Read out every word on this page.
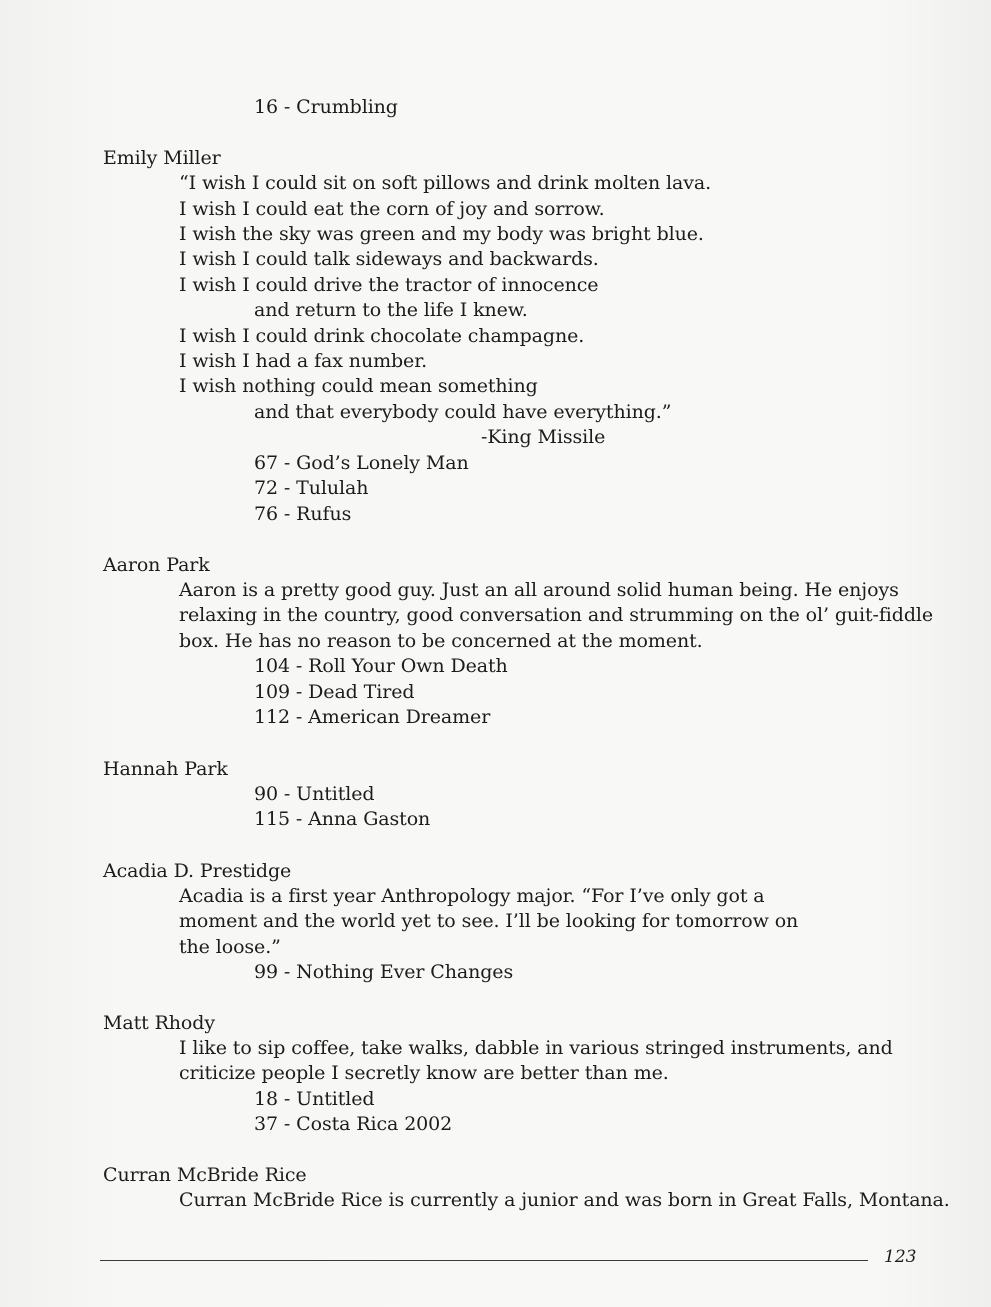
16 - Crumbling
Emily Miller
“I wish I could sit on soft pillows and drink molten lava.
I wish I could eat the corn of joy and sorrow.
I wish the sky was green and my body was bright blue.
I wish I could talk sideways and backwards.
I wish I could drive the tractor of innocence
and return to the life I knew.
I wish I could drink chocolate champagne.
I wish I had a fax number.
I wish nothing could mean something
and that everybody could have everything.”
-King Missile
67 - God’s Lonely Man
72 - Tululah
76 - Rufus
Aaron Park
Aaron is a pretty good guy. Just an all around solid human being. He enjoys
relaxing in the country, good conversation and strumming on the ol’ guit-fiddle
box. He has no reason to be concerned at the moment.
104 - Roll Your Own Death
109 - Dead Tired
112 - American Dreamer
Hannah Park
90 - Untitled
115 - Anna Gaston
Acadia D. Prestidge
Acadia is a first year Anthropology major. “For I’ve only got a
moment and the world yet to see. I’ll be looking for tomorrow on
the loose.”
99 - Nothing Ever Changes
Matt Rhody
I like to sip coffee, take walks, dabble in various stringed instruments, and
criticize people I secretly know are better than me.
18 - Untitled
37 - Costa Rica 2002
Curran McBride Rice
Curran McBride Rice is currently a junior and was born in Great Falls, Montana.
123
